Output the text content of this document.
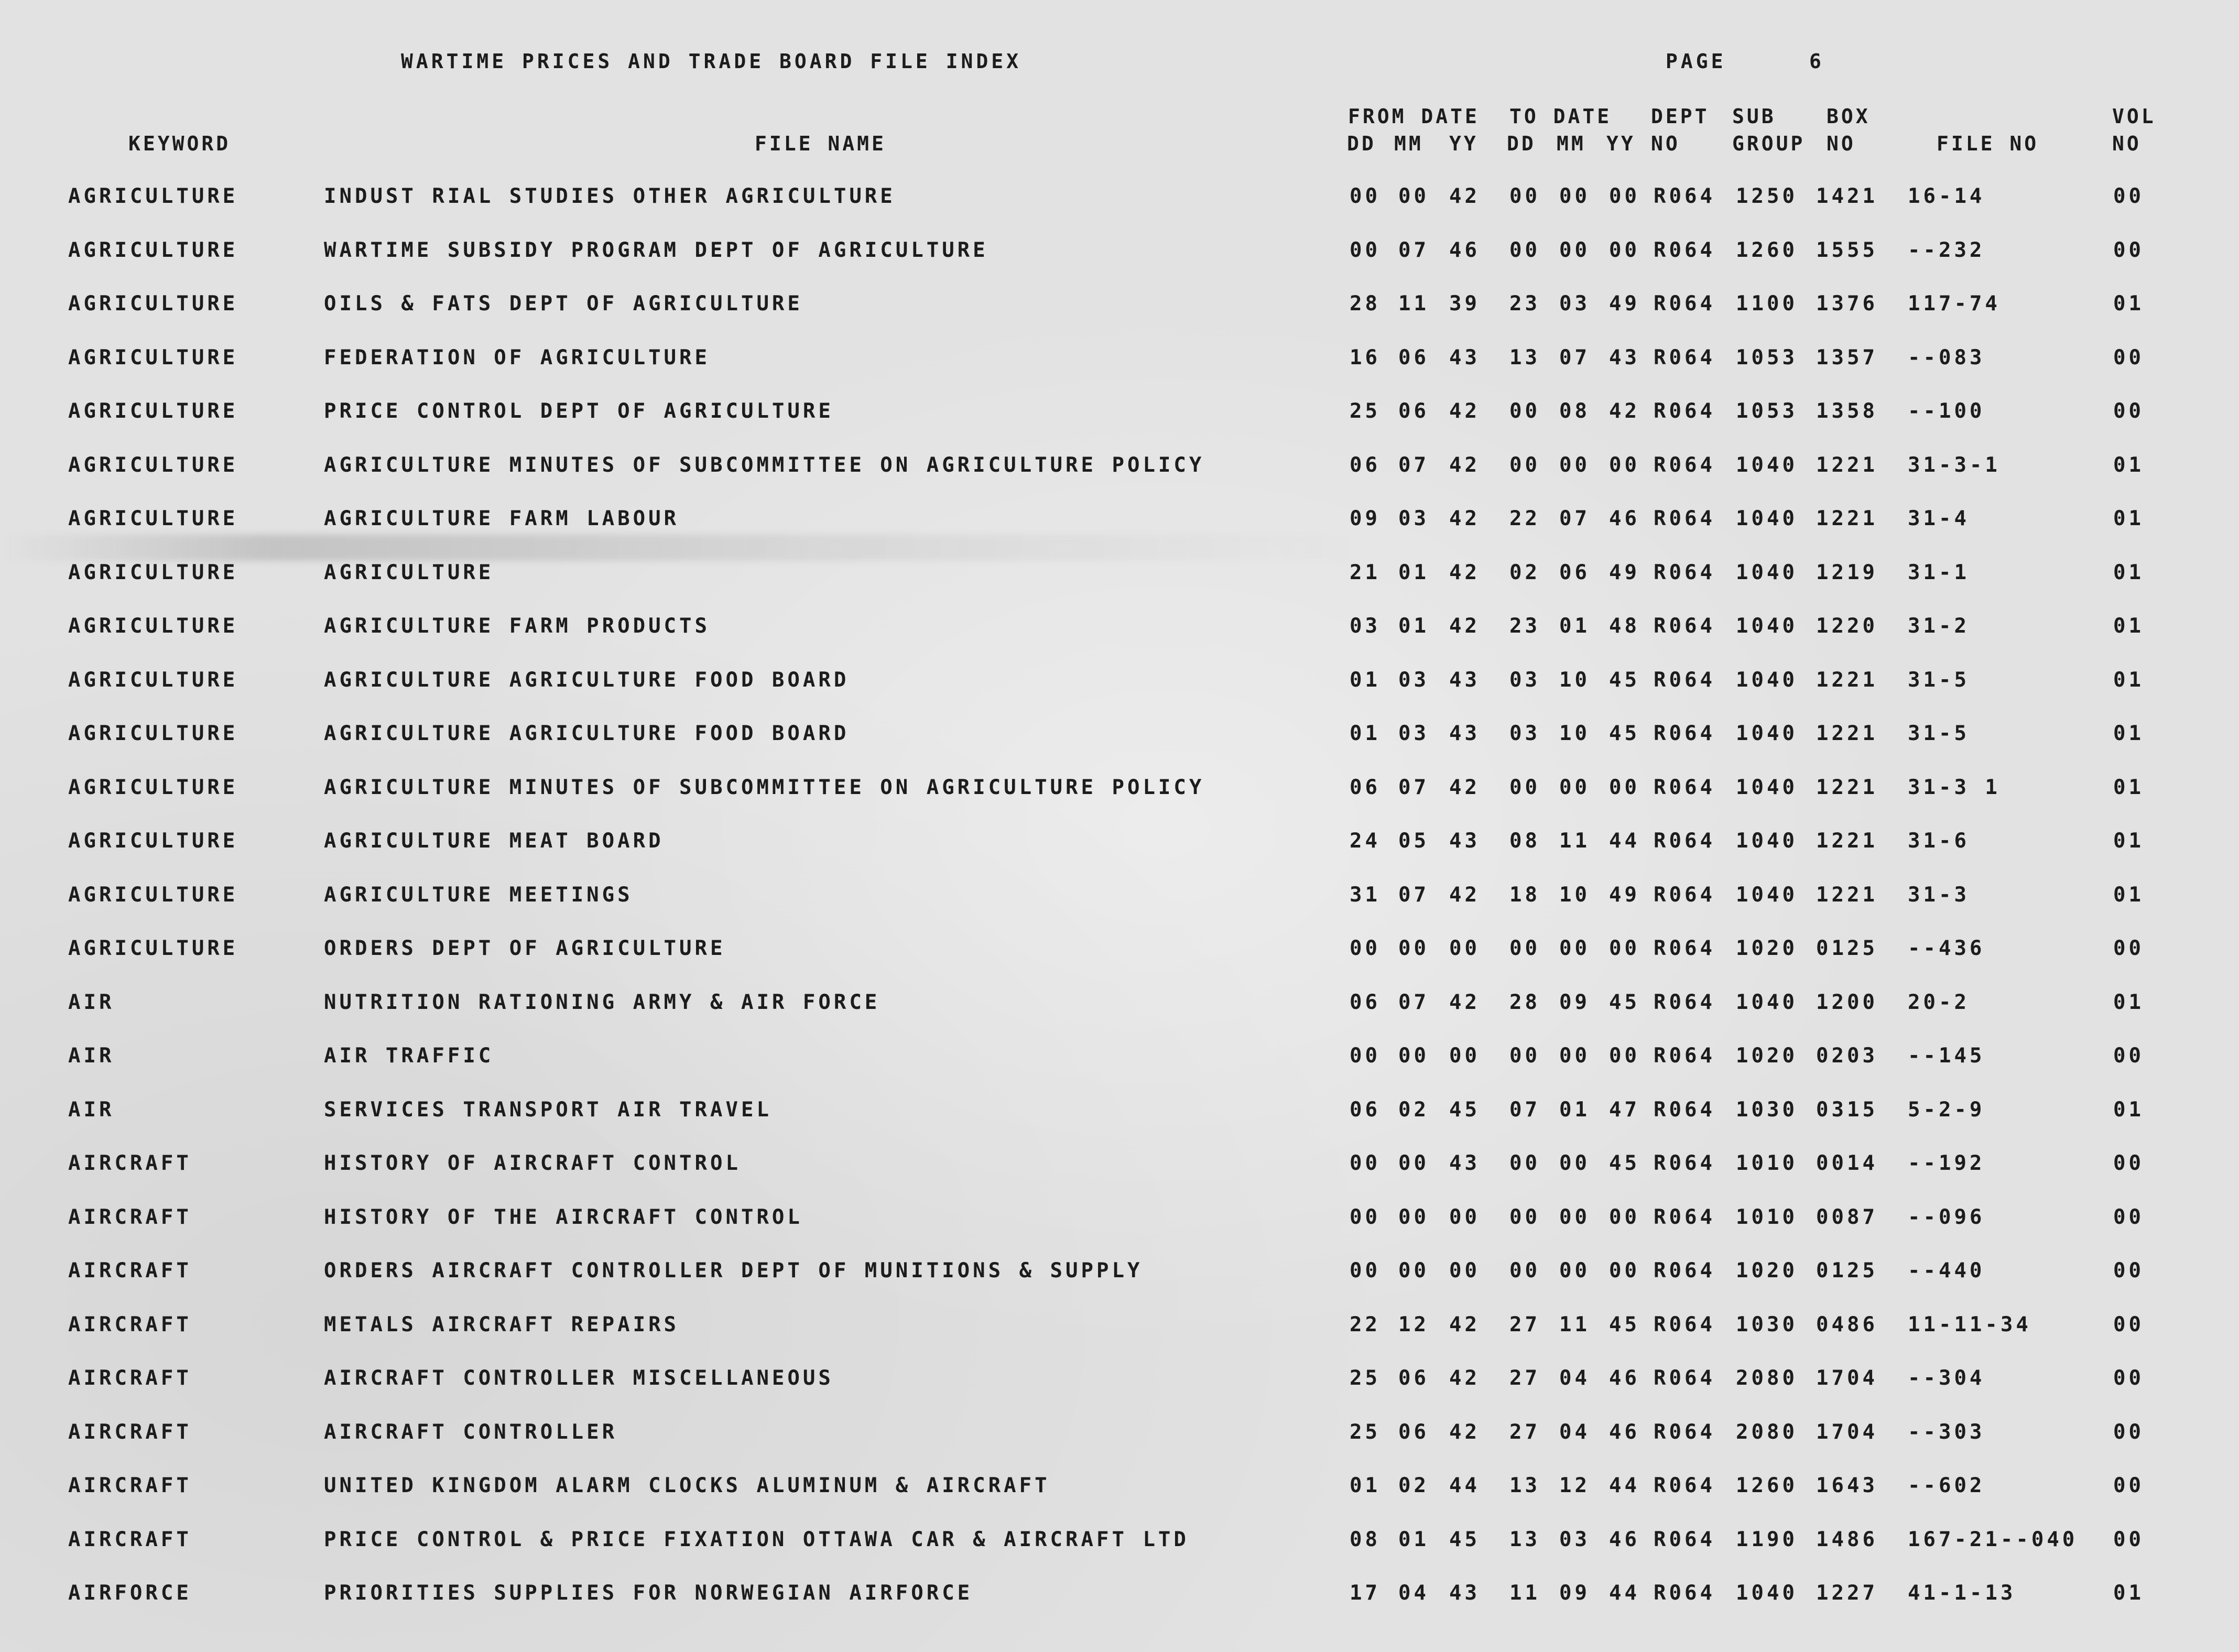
WARTIME PRICES AND TRADE BOARD FILE INDEX	PAGE	6
FROM DATE TO DATE DEPT SUB	BOX	VOL
KEYWORD	FILE NAME	DD MM YY DD MM YY NO	GROUP NO	FILE NO	NO
AGRICULTURE	INDUST RIAL STUDIES OTHER AGRICULTURE	00 00 42 00 00 00 R064 1250 1421 16-14	00
AGRICULTURE	WARTIME SUBSIDY PROGRAM DEPT OF AGRICULTURE	00 07 46 00 00 00 R064 1260 1555 --232	00
AGRICULTURE	OILS & FATS DEPT OF AGRICULTURE	28 11 39 23 03 49 R064 1100 1376 117-74	01
AGRICULTURE	FEDERATION OF AGRICULTURE	16 06 43 13 07 43 R064 1053 1357 --083	00
AGRICULTURE	PRICE CONTROL DEPT OF AGRICULTURE	25 06 42 00 08 42 R064 1053 1358 --100	00
AGRICULTURE	AGRICULTURE MINUTES OF SUBCOMMITTEE ON AGRICULTURE POLICY	06 07 42 00 00 00 R064 1040 1221 31-3-1	01
AGRICULTURE	AGRICULTURE FARM LABOUR	09 03 42 22 07 46 R064 1040 1221 31-4	01
AGRICULTURE	AGRICULTURE	21 01 42 02 06 49 R064 1040 1219 31-1	01
AGRICULTURE	AGRICULTURE FARM PRODUCTS	03 01 42 23 01 48 R064 1040 1220 31-2	01
AGRICULTURE	AGRICULTURE AGRICULTURE FOOD BOARD	01 03 43 03 10 45 R064 1040 1221 31-5	01
AGRICULTURE	AGRICULTURE AGRICULTURE FOOD BOARD	01 03 43 03 10 45 R064 1040 1221 31-5	01
AGRICULTURE	AGRICULTURE MINUTES OF SUBCOMMITTEE ON AGRICULTURE POLICY	06 07 42 00 00 00 R064 1040 1221 31-3 1	01
AGRICULTURE	AGRICULTURE MEAT BOARD	24 05 43 08 11 44 R064 1040 1221 31-6	01
AGRICULTURE	AGRICULTURE MEETINGS	31 07 42 18 10 49 R064 1040 1221 31-3	01
AGRICULTURE	ORDERS DEPT OF AGRICULTURE	00 00 00 00 00 00 R064 1020 0125 --436	00
AIR	NUTRITION RATIONING ARMY & AIR FORCE	06 07 42 28 09 45 R064 1040 1200 20-2	01
AIR	AIR TRAFFIC	00 00 00 00 00 00 R064 1020 0203 --145	00
AIR	SERVICES TRANSPORT AIR TRAVEL	06 02 45 07 01 47 R064 1030 0315 5-2-9	01
AIRCRAFT	HISTORY OF AIRCRAFT CONTROL	00 00 43 00 00 45 R064 1010 0014 --192	00
AIRCRAFT	HISTORY OF THE AIRCRAFT CONTROL	00 00 00 00 00 00 R064 1010 0087 --096	00
AIRCRAFT	ORDERS AIRCRAFT CONTROLLER DEPT OF MUNITIONS & SUPPLY	00 00 00 00 00 00 R064 1020 0125 --440	00
AIRCRAFT	METALS AIRCRAFT REPAIRS	22 12 42 27 11 45 R064 1030 0486 11-11-34	00
AIRCRAFT	AIRCRAFT CONTROLLER MISCELLANEOUS	25 06 42 27 04 46 R064 2080 1704 --304	00
AIRCRAFT	AIRCRAFT CONTROLLER	25 06 42 27 04 46 R064 2080 1704 --303	00
AIRCRAFT	UNITED KINGDOM ALARM CLOCKS ALUMINUM & AIRCRAFT	01 02 44 13 12 44 R064 1260 1643 --602	00
AIRCRAFT	PRICE CONTROL & PRICE FIXATION OTTAWA CAR & AIRCRAFT LTD	08 01 45 13 03 46 R064 1190 1486 167-21--040 00
AIRFORCE	PRIORITIES SUPPLIES FOR NORWEGIAN AIRFORCE	17 04 43 11 09 44 R064 1040 1227 41-1-13	01
